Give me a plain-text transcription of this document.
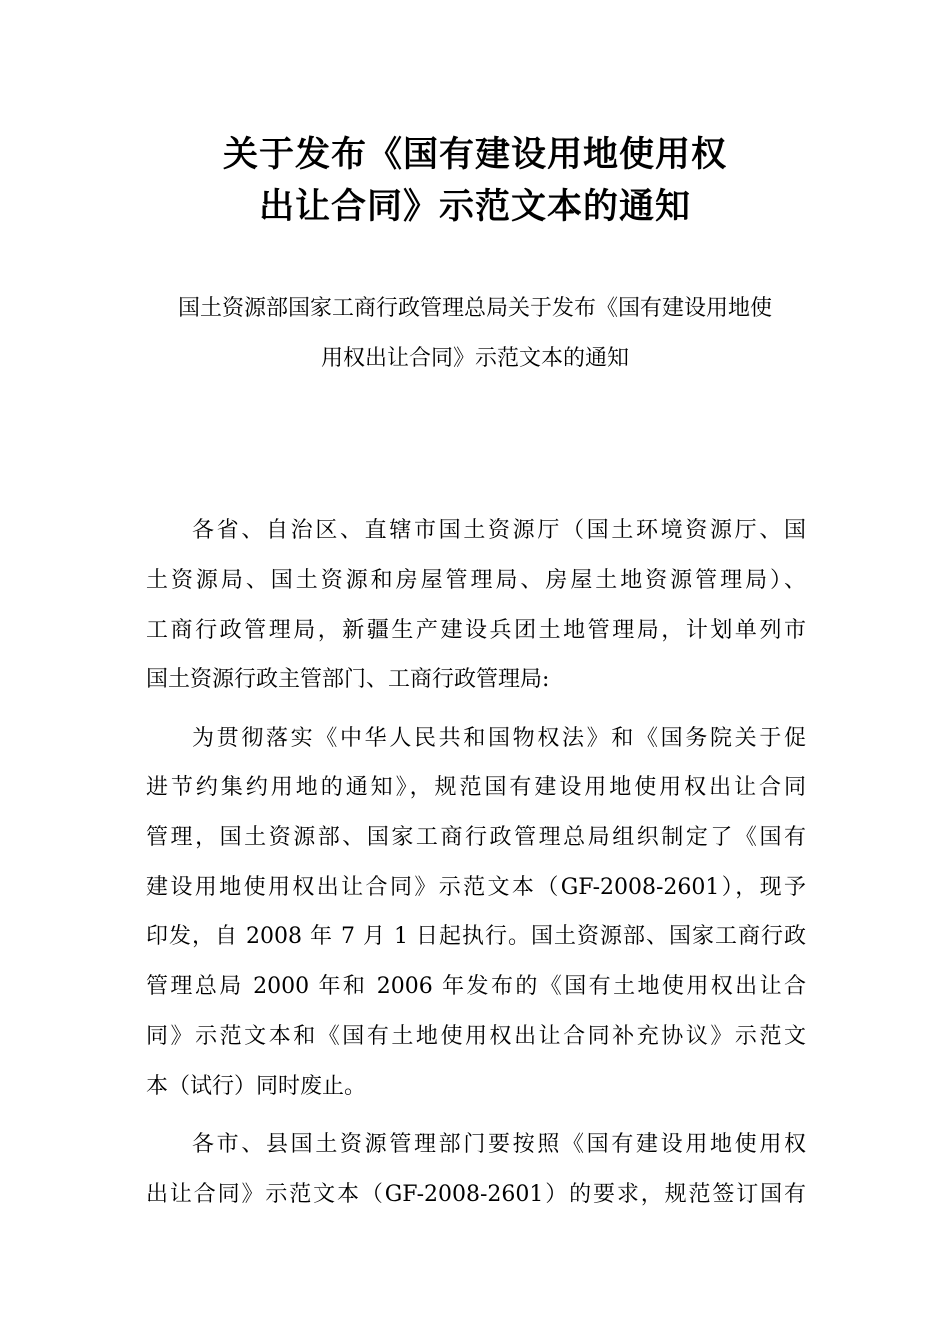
关于发布《国有建设用地使用权
出让合同》示范文本的通知

国土资源部国家工商行政管理总局关于发布《国有建设用地使

用权出让合同》示范文本的通知

各省、自治区、直辖市国土资源厅（国土环境资源厅、国

土资源局、国土资源和房屋管理局、房屋土地资源管理局）、

工商行政管理局，新疆生产建设兵团土地管理局，计划单列市

国土资源行政主管部门、工商行政管理局:

为贯彻落实《中华人民共和国物权法》和《国务院关于促

进节约集约用地的通知》，规范国有建设用地使用权出让合同

管理，国土资源部、国家工商行政管理总局组织制定了《国有

建设用地使用权出让合同》示范文本（GF-2008-2601），现予

印发，自 2008 年 7 月 1 日起执行。国土资源部、国家工商行政

管理总局 2000 年和 2006 年发布的《国有土地使用权出让合

同》示范文本和《国有土地使用权出让合同补充协议》示范文

本（试行）同时废止。

各市、县国土资源管理部门要按照《国有建设用地使用权

出让合同》示范文本（GF-2008-2601）的要求，规范签订国有
